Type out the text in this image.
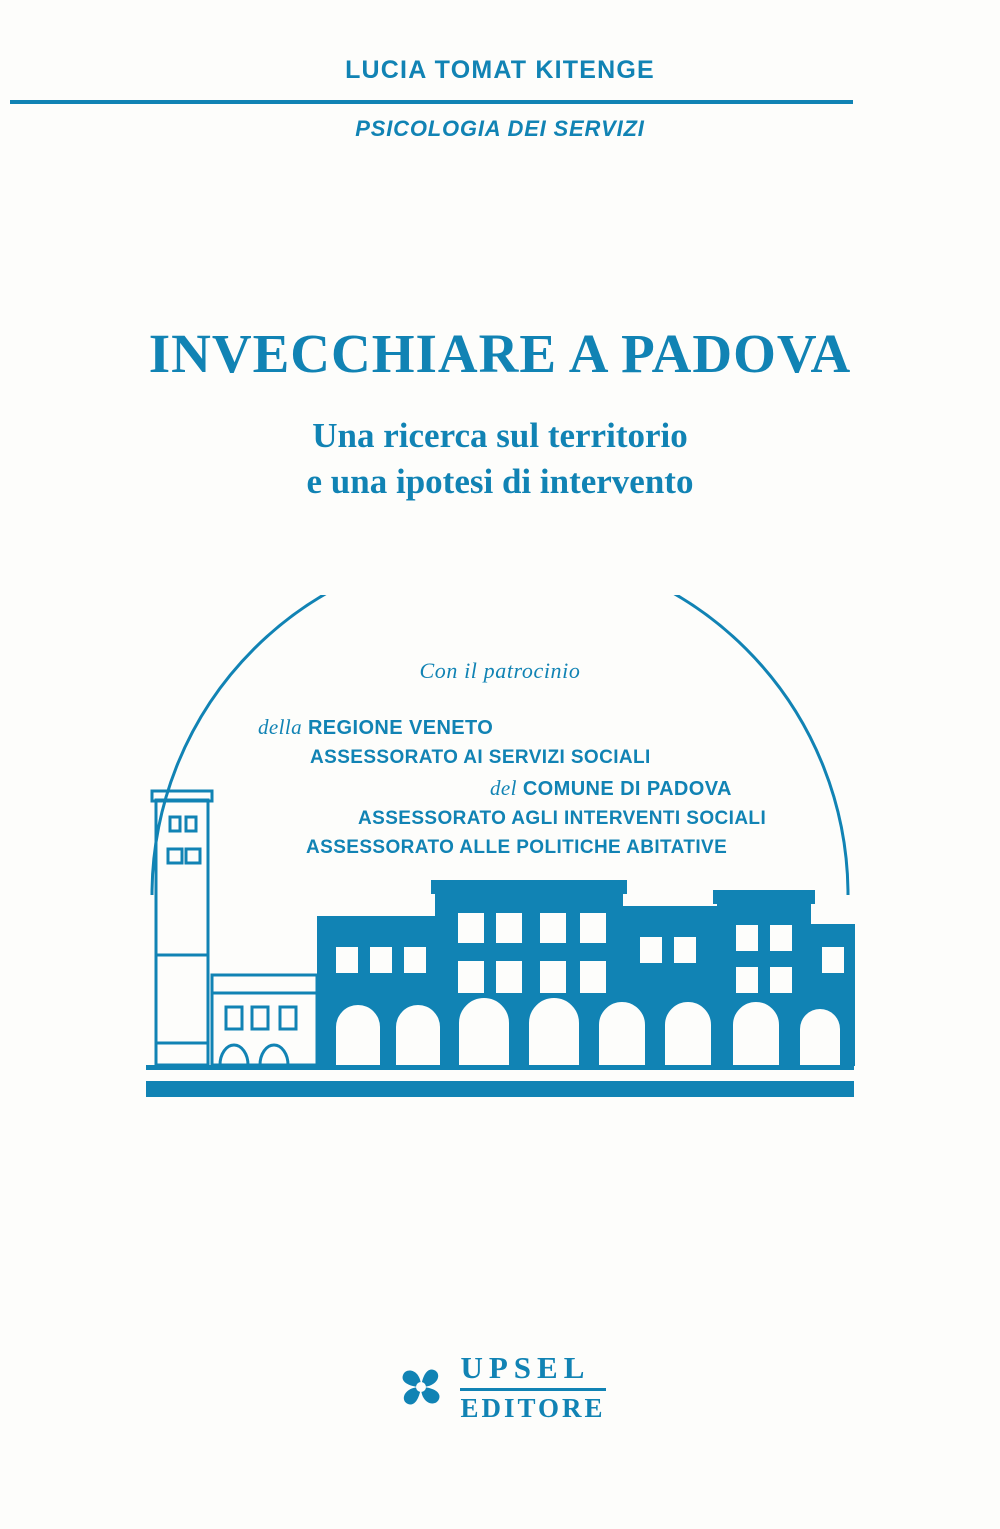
LUCIA TOMAT KITENGE
PSICOLOGIA DEI SERVIZI
INVECCHIARE A PADOVA
Una ricerca sul territorio
e una ipotesi di intervento
Con il patrocinio
della REGIONE VENETO
ASSESSORATO AI SERVIZI SOCIALI
del COMUNE DI PADOVA
ASSESSORATO AGLI INTERVENTI SOCIALI
ASSESSORATO ALLE POLITICHE ABITATIVE
UPSEL
EDITORE
